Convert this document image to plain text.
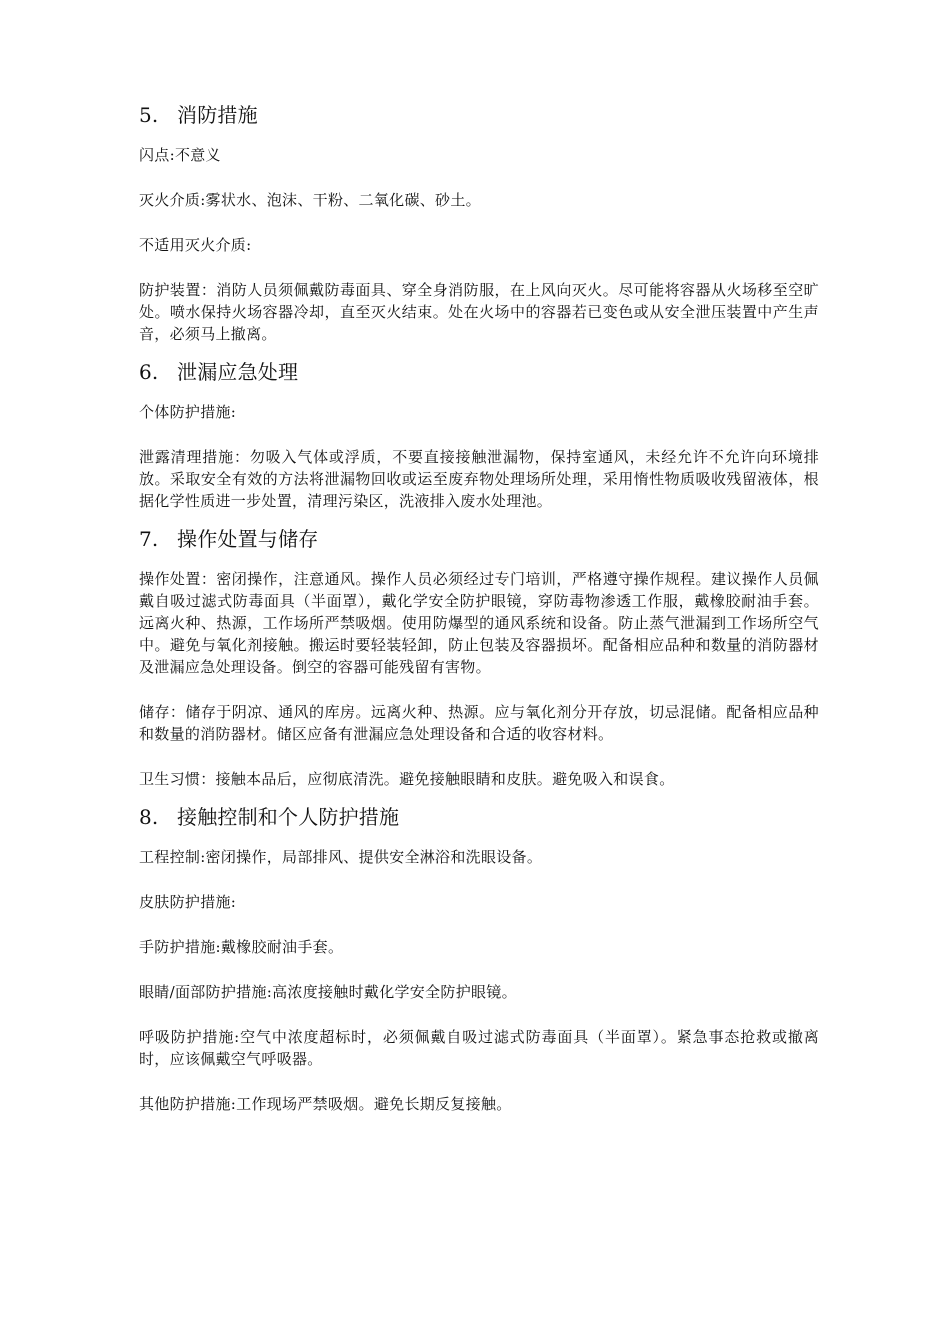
5. 消防措施

闪点:不意义

灭火介质:雾状水、泡沫、干粉、二氧化碳、砂土。

不适用灭火介质:

防护装置：消防人员须佩戴防毒面具、穿全身消防服，在上风向灭火。尽可能将容器从火场移至空旷处。喷水保持火场容器冷却，直至灭火结束。处在火场中的容器若已变色或从安全泄压装置中产生声音，必须马上撤离。

6. 泄漏应急处理

个体防护措施:

泄露清理措施：勿吸入气体或浮质，不要直接接触泄漏物，保持室通风，未经允许不允许向环境排放。采取安全有效的方法将泄漏物回收或运至废弃物处理场所处理，采用惰性物质吸收残留液体，根据化学性质进一步处置，清理污染区，洗液排入废水处理池。

7. 操作处置与储存

操作处置：密闭操作，注意通风。操作人员必须经过专门培训，严格遵守操作规程。建议操作人员佩戴自吸过滤式防毒面具（半面罩），戴化学安全防护眼镜，穿防毒物渗透工作服，戴橡胶耐油手套。远离火种、热源，工作场所严禁吸烟。使用防爆型的通风系统和设备。防止蒸气泄漏到工作场所空气中。避免与氧化剂接触。搬运时要轻装轻卸，防止包装及容器损坏。配备相应品种和数量的消防器材及泄漏应急处理设备。倒空的容器可能残留有害物。

储存：储存于阴凉、通风的库房。远离火种、热源。应与氧化剂分开存放，切忌混储。配备相应品种和数量的消防器材。储区应备有泄漏应急处理设备和合适的收容材料。

卫生习惯：接触本品后，应彻底清洗。避免接触眼睛和皮肤。避免吸入和误食。

8. 接触控制和个人防护措施

工程控制:密闭操作，局部排风、提供安全淋浴和洗眼设备。

皮肤防护措施:

手防护措施:戴橡胶耐油手套。

眼睛/面部防护措施:高浓度接触时戴化学安全防护眼镜。

呼吸防护措施:空气中浓度超标时，必须佩戴自吸过滤式防毒面具（半面罩）。紧急事态抢救或撤离时，应该佩戴空气呼吸器。

其他防护措施:工作现场严禁吸烟。避免长期反复接触。
